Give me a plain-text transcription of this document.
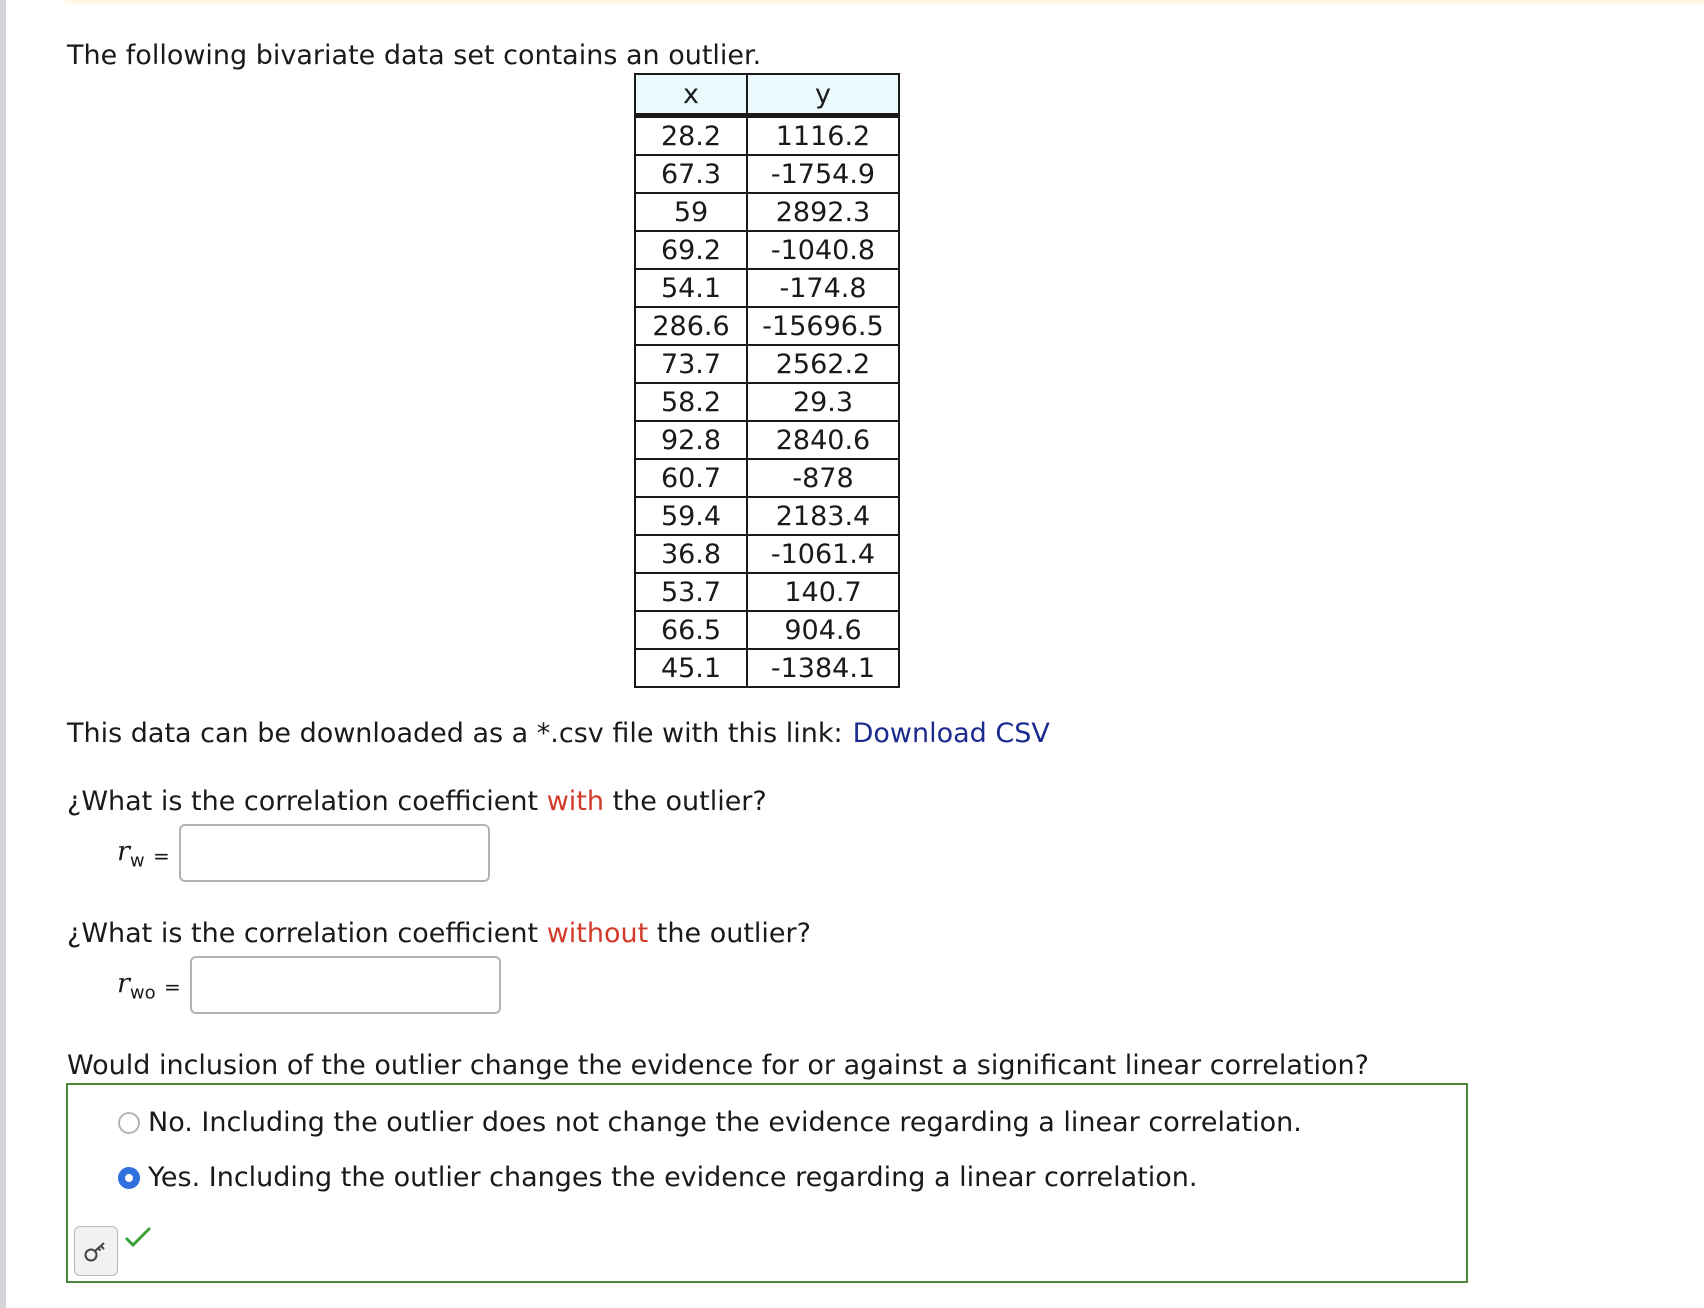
The following bivariate data set contains an outlier.
x	y
28.2	1116.2
67.3	-1754.9
59	2892.3
69.2	-1040.8
54.1	-174.8
286.6	-15696.5
73.7	2562.2
58.2	29.3
92.8	2840.6
60.7	-878
59.4	2183.4
36.8	-1061.4
53.7	140.7
66.5	904.6
45.1	-1384.1
This data can be downloaded as a *.csv file with this link: Download CSV
¿What is the correlation coefficient with the outlier?
$r_w$ =
¿What is the correlation coefficient without the outlier?
$r_{wo}$ =
Would inclusion of the outlier change the evidence for or against a significant linear correlation?
No. Including the outlier does not change the evidence regarding a linear correlation.
Yes. Including the outlier changes the evidence regarding a linear correlation.
